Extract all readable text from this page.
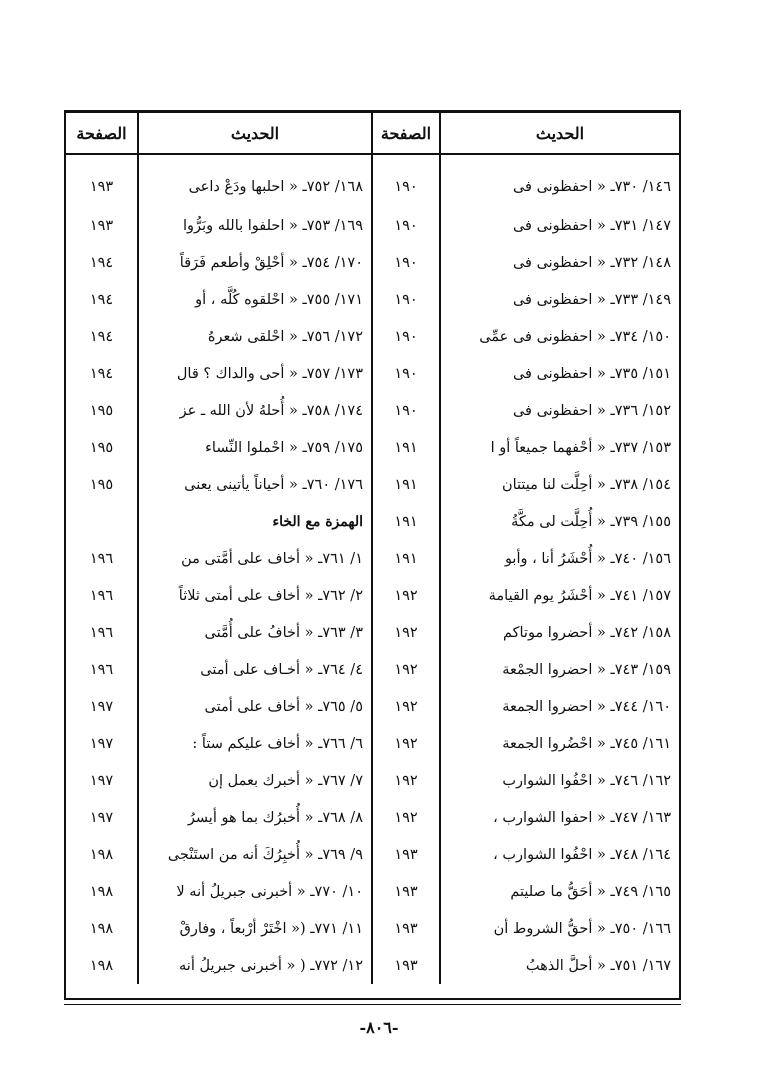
الحديث	الصفحة	الحديث	الصفحة
١٤٦/ ٧٣٠ـ « احفظونى فى	١٩٠	١٦٨/ ٧٥٢ـ « احلبها ودَعْ داعى	١٩٣
١٤٧/ ٧٣١ـ « احفظونى فى	١٩٠	١٦٩/ ٧٥٣ـ « احلفوا بالله وبَرُّوا	١٩٣
١٤٨/ ٧٣٢ـ « احفظونى فى	١٩٠	١٧٠/ ٧٥٤ـ « أحْلِقْ وأطعم فَرَقاً	١٩٤
١٤٩/ ٧٣٣ـ « احفظونى فى	١٩٠	١٧١/ ٧٥٥ـ « احْلقوه كُلَّه ، أو	١٩٤
١٥٠/ ٧٣٤ـ « احفظونى فى عمِّى	١٩٠	١٧٢/ ٧٥٦ـ « احْلقى شعرهُ	١٩٤
١٥١/ ٧٣٥ـ « احفظونى فى	١٩٠	١٧٣/ ٧٥٧ـ « أحى والداك ؟ قال	١٩٤
١٥٢/ ٧٣٦ـ « احفظونى فى	١٩٠	١٧٤/ ٧٥٨ـ « أُحلهُ لأن الله ـ عز	١٩٥
١٥٣/ ٧٣٧ـ « أحْفهما جميعاً أو ا	١٩١	١٧٥/ ٧٥٩ـ « احْملوا النِّساء	١٩٥
١٥٤/ ٧٣٨ـ « أحِلَّت لنا ميتتان	١٩١	١٧٦/ ٧٦٠ـ « أحياناً يأتينى يعنى	١٩٥
١٥٥/ ٧٣٩ـ « أُحِلَّت لى مكَّةُ	١٩١	الهمزة مع الخاء	
١٥٦/ ٧٤٠ـ « أُحْشَرُ أنا ، وأبو	١٩١	١/ ٧٦١ـ « أخاف على أمَّتى من	١٩٦
١٥٧/ ٧٤١ـ « أحْشَرُ يوم القيامة	١٩٢	٢/ ٧٦٢ـ « أخاف على أمتى ثلاثاً	١٩٦
١٥٨/ ٧٤٢ـ « أحضروا موتاكم	١٩٢	٣/ ٧٦٣ـ « أخافُ على أُمَّتى	١٩٦
١٥٩/ ٧٤٣ـ « احضروا الجمْعة	١٩٢	٤/ ٧٦٤ـ « أخـاف على أمتى	١٩٦
١٦٠/ ٧٤٤ـ « احضروا الجمعة	١٩٢	٥/ ٧٦٥ـ « أخاف على أمتى	١٩٧
١٦١/ ٧٤٥ـ « احْضُروا الجمعة	١٩٢	٦/ ٧٦٦ـ « أخاف عليكم ستاً :	١٩٧
١٦٢/ ٧٤٦ـ « احْفُوا الشوارب	١٩٢	٧/ ٧٦٧ـ « أخبرك بعمل إن	١٩٧
١٦٣/ ٧٤٧ـ « احفوا الشوارب ،	١٩٢	٨/ ٧٦٨ـ « أُخبرُك بما هو أيسرُ	١٩٧
١٦٤/ ٧٤٨ـ « احْفُوا الشوارب ،	١٩٣	٩/ ٧٦٩ـ « أُخبِرُكَ أنه من استَنْجى	١٩٨
١٦٥/ ٧٤٩ـ « أحَقُّ ما صليتم	١٩٣	١٠/ ٧٧٠ـ « أخبرنى جبريلُ أنه لا	١٩٨
١٦٦/ ٧٥٠ـ « أحقُّ الشروط أن	١٩٣	١١/ ٧٧١ـ (« اخْتَرْ أرْبعاً ، وفارقْ	١٩٨
١٦٧/ ٧٥١ـ « أحلَّ الذهبُ	١٩٣	١٢/ ٧٧٢ـ ( « أخبرنى جبريلُ أنه	١٩٨
-٨٠٦-
